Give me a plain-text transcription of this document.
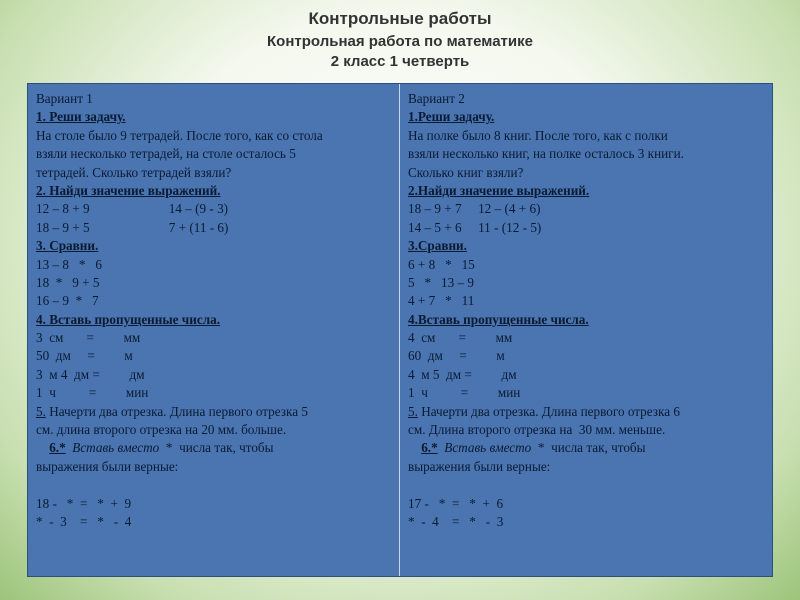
Контрольные работы
Контрольная работа по математике
2 класс 1 четверть
Вариант 1
1. Реши задачу.
На столе было 9 тетрадей. После того, как со стола
взяли несколько тетрадей, на столе осталось 5
тетрадей. Сколько тетрадей взяли?
2. Найди значение выражений.
12 – 8 + 9                        14 – (9 - 3)
18 – 9 + 5                        7 + (11 - 6)
3. Сравни.
13 – 8   *   6
18  *   9 + 5
16 – 9  *   7
4. Вставь пропущенные числа.
3  см       =         мм
50  дм     =         м
3  м 4  дм =         дм
1  ч          =         мин
5. Начерти два отрезка. Длина первого отрезка 5
см. длина второго отрезка на 20 мм. больше.
6.*  Вставь вместо  *  числа так, чтобы
выражения были верные:
18 -   *  =   *  +  9
*  -  3    =   *   -  4
Вариант 2
1.Реши задачу.
На полке было 8 книг. После того, как с полки
взяли несколько книг, на полке осталось 3 книги.
Сколько книг взяли?
2.Найди значение выражений.
18 – 9 + 7     12 – (4 + 6)
14 – 5 + 6     11 - (12 - 5)
3.Сравни.
6 + 8   *   15
5   *   13 – 9
4 + 7   *   11
4.Вставь пропущенные числа.
4  см       =         мм
60  дм     =         м
4  м 5  дм =         дм
1  ч          =         мин
5. Начерти два отрезка. Длина первого отрезка 6
см. Длина второго отрезка на  30 мм. меньше.
6.*  Вставь вместо  *  числа так, чтобы
выражения были верные:
17 -   *  =   *  +  6
*  -  4    =   *   -  3
